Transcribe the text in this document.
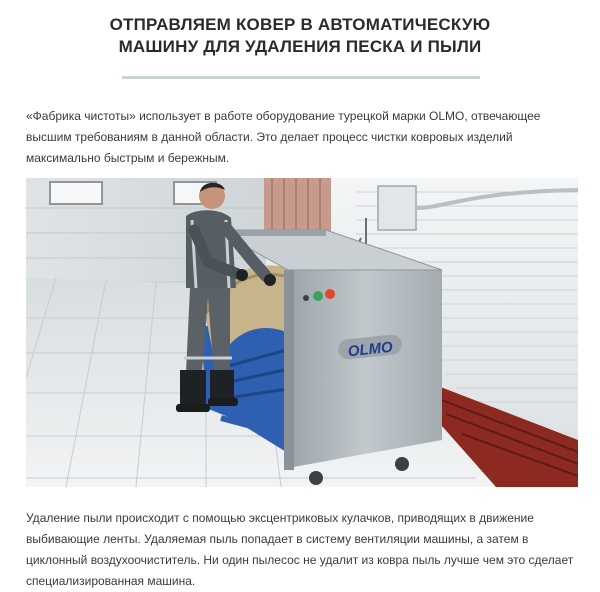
ОТПРАВЛЯЕМ КОВЕР В АВТОМАТИЧЕСКУЮ
МАШИНУ ДЛЯ УДАЛЕНИЯ ПЕСКА И ПЫЛИ

«Фабрика чистоты» использует в работе оборудование турецкой марки OLMO, отвечающее высшим требованиям в данной области. Это делает процесс чистки ковровых изделий максимально быстрым и бережным.

OLMO

Удаление пыли происходит с помощью эксцентриковых кулачков, приводящих в движение выбивающие ленты. Удаляемая пыль попадает в систему вентиляции машины, а затем в циклонный воздухоочиститель. Ни один пылесос не удалит из ковра пыль лучше чем это сделает специализированная машина.
